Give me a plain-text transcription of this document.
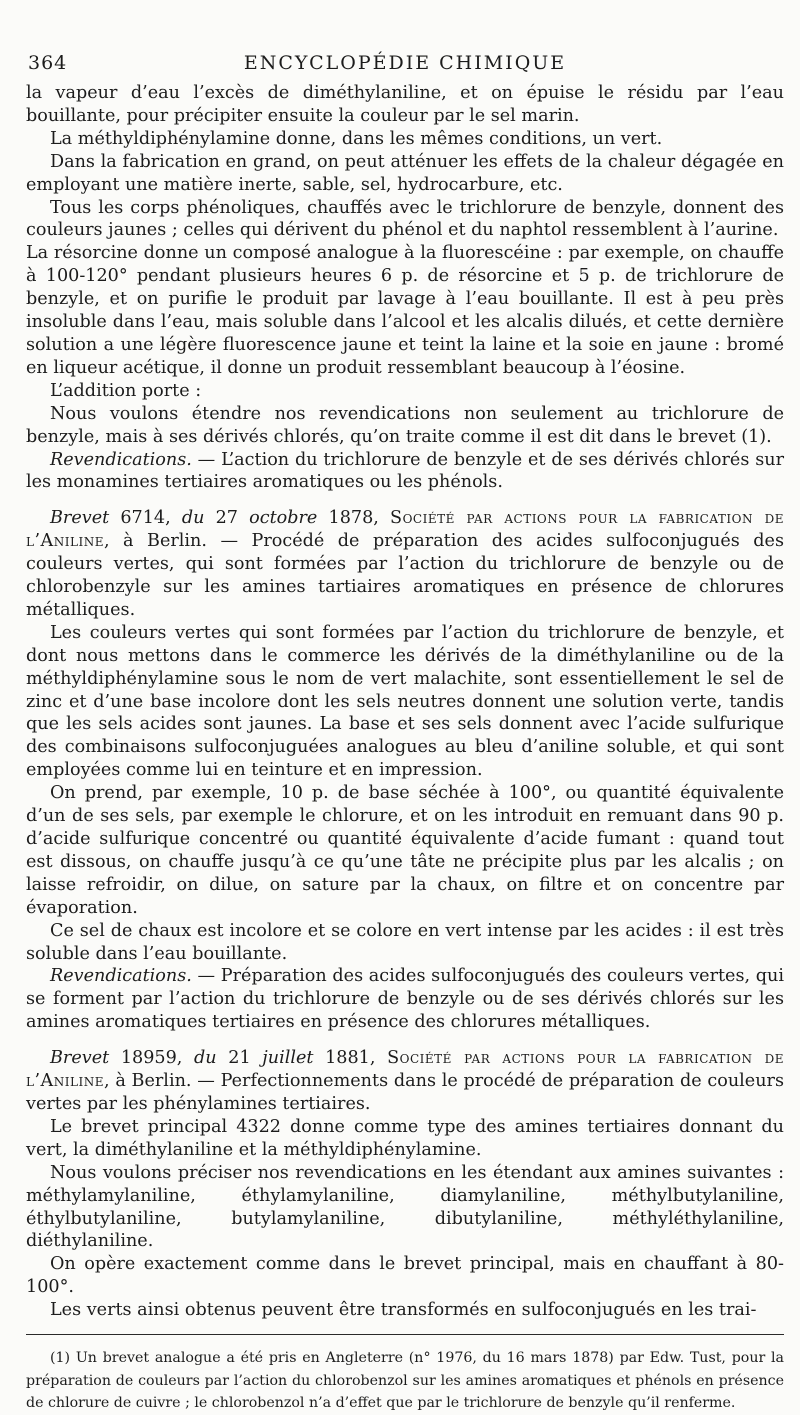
364	ENCYCLOPÉDIE CHIMIQUE

la vapeur d’eau l’excès de diméthylaniline, et on épuise le résidu par l’eau bouillante, pour précipiter ensuite la couleur par le sel marin.

La méthyldiphénylamine donne, dans les mêmes conditions, un vert.

Dans la fabrication en grand, on peut atténuer les effets de la chaleur dégagée en employant une matière inerte, sable, sel, hydrocarbure, etc.

Tous les corps phénoliques, chauffés avec le trichlorure de benzyle, donnent des couleurs jaunes ; celles qui dérivent du phénol et du naphtol ressemblent à l’aurine.

La résorcine donne un composé analogue à la fluorescéine : par exemple, on chauffe à 100-120° pendant plusieurs heures 6 p. de résorcine et 5 p. de trichlorure de benzyle, et on purifie le produit par lavage à l’eau bouillante. Il est à peu près insoluble dans l’eau, mais soluble dans l’alcool et les alcalis dilués, et cette dernière solution a une légère fluorescence jaune et teint la laine et la soie en jaune : bromé en liqueur acétique, il donne un produit ressemblant beaucoup à l’éosine.

L’addition porte :

Nous voulons étendre nos revendications non seulement au trichlorure de benzyle, mais à ses dérivés chlorés, qu’on traite comme il est dit dans le brevet (1).

Revendications. — L’action du trichlorure de benzyle et de ses dérivés chlorés sur les monamines tertiaires aromatiques ou les phénols.

Brevet 6714, du 27 octobre 1878, Société par actions pour la fabrication de l’Aniline, à Berlin. — Procédé de préparation des acides sulfoconjugués des couleurs vertes, qui sont formées par l’action du trichlorure de benzyle ou de chlorobenzyle sur les amines tartiaires aromatiques en présence de chlorures métalliques.

Les couleurs vertes qui sont formées par l’action du trichlorure de benzyle, et dont nous mettons dans le commerce les dérivés de la diméthylaniline ou de la méthyldiphénylamine sous le nom de vert malachite, sont essentiellement le sel de zinc et d’une base incolore dont les sels neutres donnent une solution verte, tandis que les sels acides sont jaunes. La base et ses sels donnent avec l’acide sulfurique des combinaisons sulfoconjuguées analogues au bleu d’aniline soluble, et qui sont employées comme lui en teinture et en impression.

On prend, par exemple, 10 p. de base séchée à 100°, ou quantité équivalente d’un de ses sels, par exemple le chlorure, et on les introduit en remuant dans 90 p. d’acide sulfurique concentré ou quantité équivalente d’acide fumant : quand tout est dissous, on chauffe jusqu’à ce qu’une tâte ne précipite plus par les alcalis ; on laisse refroidir, on dilue, on sature par la chaux, on filtre et on concentre par évaporation.

Ce sel de chaux est incolore et se colore en vert intense par les acides : il est très soluble dans l’eau bouillante.

Revendications. — Préparation des acides sulfoconjugués des couleurs vertes, qui se forment par l’action du trichlorure de benzyle ou de ses dérivés chlorés sur les amines aromatiques tertiaires en présence des chlorures métalliques.

Brevet 18959, du 21 juillet 1881, Société par actions pour la fabrication de l’Aniline, à Berlin. — Perfectionnements dans le procédé de préparation de couleurs vertes par les phénylamines tertiaires.

Le brevet principal 4322 donne comme type des amines tertiaires donnant du vert, la diméthylaniline et la méthyldiphénylamine.

Nous voulons préciser nos revendications en les étendant aux amines suivantes : méthylamylaniline, éthylamylaniline, diamylaniline, méthylbutylaniline, éthylbutylaniline, butylamylaniline, dibutylaniline, méthyléthylaniline, diéthylaniline.

On opère exactement comme dans le brevet principal, mais en chauffant à 80-100°.

Les verts ainsi obtenus peuvent être transformés en sulfoconjugués en les trai-

(1) Un brevet analogue a été pris en Angleterre (n° 1976, du 16 mars 1878) par Edw. Tust, pour la préparation de couleurs par l’action du chlorobenzol sur les amines aromatiques et phénols en présence de chlorure de cuivre ; le chlorobenzol n’a d’effet que par le trichlorure de benzyle qu’il renferme.
